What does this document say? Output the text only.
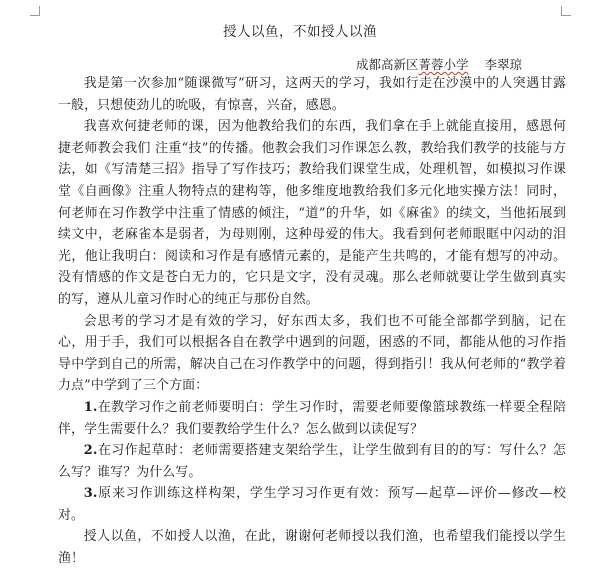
授人以鱼，不如授人以渔
成都高新区菁蓉小学 李翠琼

我是第一次参加“随课微写”研习，这两天的学习，我如行走在沙漠中的人突遇甘露一般，只想使劲儿的吮吸，有惊喜，兴奋，感恩。

我喜欢何捷老师的课，因为他教给我们的东西，我们拿在手上就能直接用，感恩何捷老师教会我们 注重“技”的传播。他教会我们习作课怎么教，教给我们教学的技能与方法，如《写清楚三招》指导了写作技巧；教给我们课堂生成，处理机智，如模拟习作课堂《自画像》注重人物特点的建构等，他多维度地教给我们多元化地实操方法！同时，何老师在习作教学中注重了情感的倾注，“道”的升华，如《麻雀》的续文，当他拓展到续文中，老麻雀本是弱者，为母则刚，这种母爱的伟大。我看到何老师眼眶中闪动的泪光，他让我明白：阅读和习作是有感情元素的，是能产生共鸣的，才能有想写的冲动。没有情感的作文是苍白无力的，它只是文字，没有灵魂。那么老师就要让学生做到真实的写，遵从儿童习作时心的纯正与那份自然。

会思考的学习才是有效的学习，好东西太多，我们也不可能全部都学到脑，记在心，用于手，我们可以根据各自在教学中遇到的问题，困惑的不同，都能从他的习作指导中学到自己的所需，解决自己在习作教学中的问题，得到指引！我从何老师的“教学着力点”中学到了三个方面：

1.在教学习作之前老师要明白：学生习作时，需要老师要像篮球教练一样要全程陪伴，学生需要什么？我们要教给学生什么？怎么做到以读促写？

2.在习作起草时：老师需要搭建支架给学生，让学生做到有目的的写：写什么？怎么写？谁写？为什么写。

3.原来习作训练这样构架，学生学习习作更有效：预写—起草—评价—修改—校对。

授人以鱼，不如授人以渔，在此，谢谢何老师授以我们渔，也希望我们能授以学生渔！
